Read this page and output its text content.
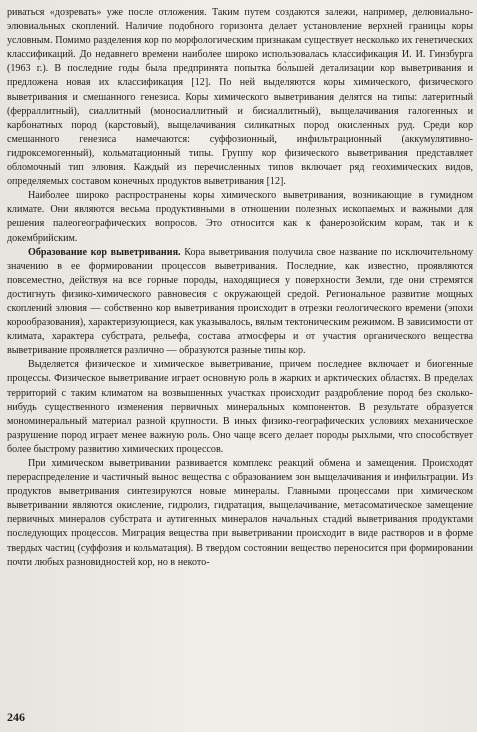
риваться «дозревать» уже после отложения. Таким путем создаются залежи, например, делювиально-элювиальных скоплений. Наличие подобного горизонта делает установление верхней границы коры условным. Помимо разделения кор по морфологическим признакам существует несколько их генетических классификаций. До недавнего времени наиболее широко использовалась классификация И. И. Гинзбурга (1963 г.). В последние годы была предпринята попытка бо̀льшей детализации кор выветривания и предложена новая их классификация [12]. По ней выделяются коры химического, физического выветривания и смешанного генезиса. Коры химического выветривания делятся на типы: латеритный (ферраллитный), сиаллитный (моносиаллитный и бисиаллитный), выщелачивания галогенных и карбонатных пород (карстовый), выщелачивания силикатных пород окисленных руд. Среди кор смешанного генезиса намечаются: суффозионный, инфильтрационный (аккумулятивно-гидроксемогенный), кольматационный типы. Группу кор физического выветривания представляет обломочный тип элювия. Каждый из перечисленных типов включает ряд геохимических видов, определяемых составом конечных продуктов выветривания [12].

Наиболее широко распространены коры химического выветривания, возникающие в гумидном климате. Они являются весьма продуктивными в отношении полезных ископаемых и важными для решения палеогеографических вопросов. Это относится как к фанерозойским корам, так и к докембрийским.

Образование кор выветривания. Кора выветривания получила свое название по исключительному значению в ее формировании процессов выветривания. Последние, как известно, проявляются повсеместно, действуя на все горные породы, находящиеся у поверхности Земли, где они стремятся достигнуть физико-химического равновесия с окружающей средой. Региональное развитие мощных скоплений элювия — собственно кор выветривания происходит в отрезки геологического времени (эпохи корообразования), характеризующиеся, как указывалось, вялым тектоническим режимом. В зависимости от климата, характера субстрата, рельефа, состава атмосферы и от участия органического вещества выветривание проявляется различно — образуются разные типы кор.

Выделяется физическое и химическое выветривание, причем последнее включает и биогенные процессы. Физическое выветривание играет основную роль в жарких и арктических областях. В пределах территорий с таким климатом на возвышенных участках происходит раздробление пород без сколько-нибудь существенного изменения первичных минеральных компонентов. В результате образуется мономинеральный материал разной крупности. В иных физико-географических условиях механическое разрушение пород играет менее важную роль. Оно чаще всего делает породы рыхлыми, что способствует более быстрому развитию химических процессов.

При химическом выветривании развивается комплекс реакций обмена и замещения. Происходят перераспределение и частичный вынос вещества с образованием зон выщелачивания и инфильтрации. Из продуктов выветривания синтезируются новые минералы. Главными процессами при химическом выветривании являются окисление, гидролиз, гидратация, выщелачивание, метасоматическое замещение первичных минералов субстрата и аутигенных минералов начальных стадий выветривания продуктами последующих процессов. Миграция вещества при выветривании происходит в виде растворов и в форме твердых частиц (суффозия и кольматация). В твердом состоянии вещество переносится при формировании почти любых разновидностей кор, но в некото-

246
